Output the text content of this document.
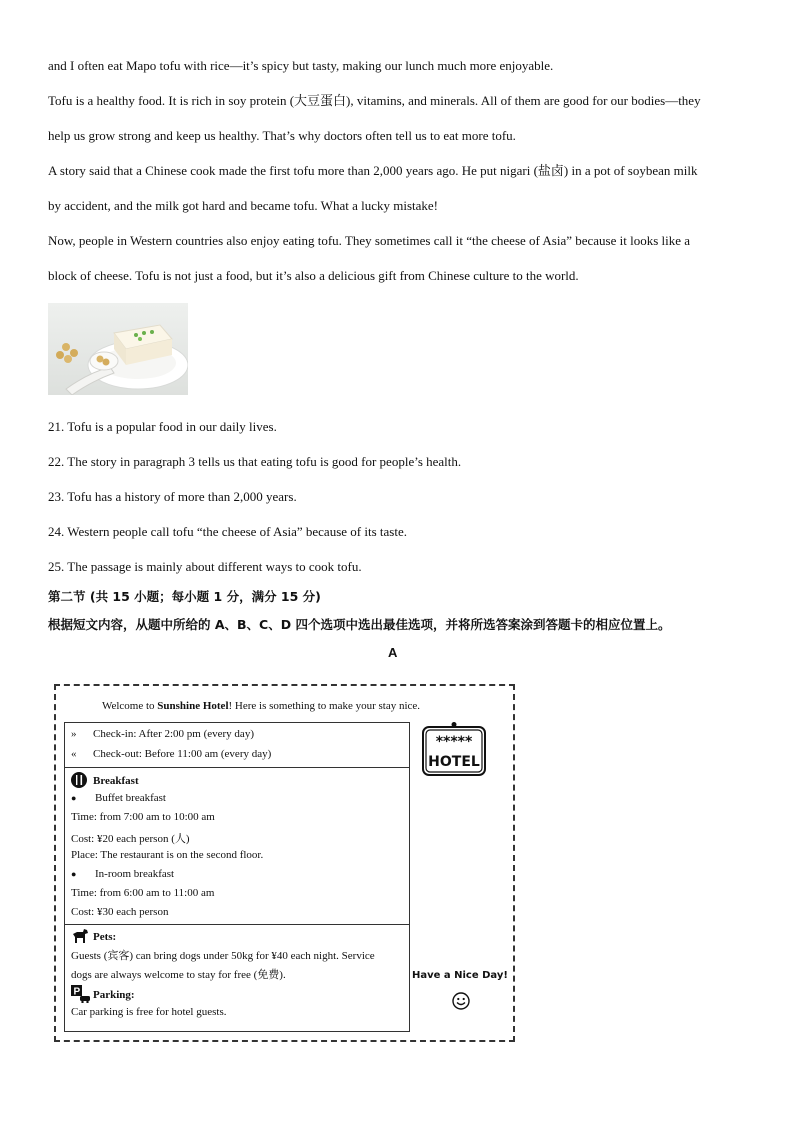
and I often eat Mapo tofu with rice—it’s spicy but tasty, making our lunch much more enjoyable.
Tofu is a healthy food. It is rich in soy protein (大豆蛋白), vitamins, and minerals. All of them are good for our bodies—they
help us grow strong and keep us healthy. That’s why doctors often tell us to eat more tofu.
A story said that a Chinese cook made the first tofu more than 2,000 years ago. He put nigari (盐卤) in a pot of soybean milk
by accident, and the milk got hard and became tofu. What a lucky mistake!
Now, people in Western countries also enjoy eating tofu. They sometimes call it “the cheese of Asia” because it looks like a
block of cheese. Tofu is not just a food, but it’s also a delicious gift from Chinese culture to the world.
21. Tofu is a popular food in our daily lives.
22. The story in paragraph 3 tells us that eating tofu is good for people’s health.
23. Tofu has a history of more than 2,000 years.
24. Western people call tofu “the cheese of Asia” because of its taste.
25. The passage is mainly about different ways to cook tofu.
第二节 (共 15 小题；每小题 1 分，满分 15 分)
根据短文内容，从题中所给的 A、B、C、D 四个选项中选出最佳选项，并将所选答案涂到答题卡的相应位置上。
A
Welcome to Sunshine Hotel! Here is something to make your stay nice.
» Check-in: After 2:00 pm (every day)
« Check-out: Before 11:00 am (every day)
Breakfast
● Buffet breakfast
Time: from 7:00 am to 10:00 am
Cost: ¥20 each person (人)
Place: The restaurant is on the second floor.
● In-room breakfast
Time: from 6:00 am to 11:00 am
Cost: ¥30 each person
Pets:
Guests (宾客) can bring dogs under 50kg for ¥40 each night. Service
dogs are always welcome to stay for free (免费).
P Parking:
Car parking is free for hotel guests.
*****
HOTEL
Have a Nice Day!
